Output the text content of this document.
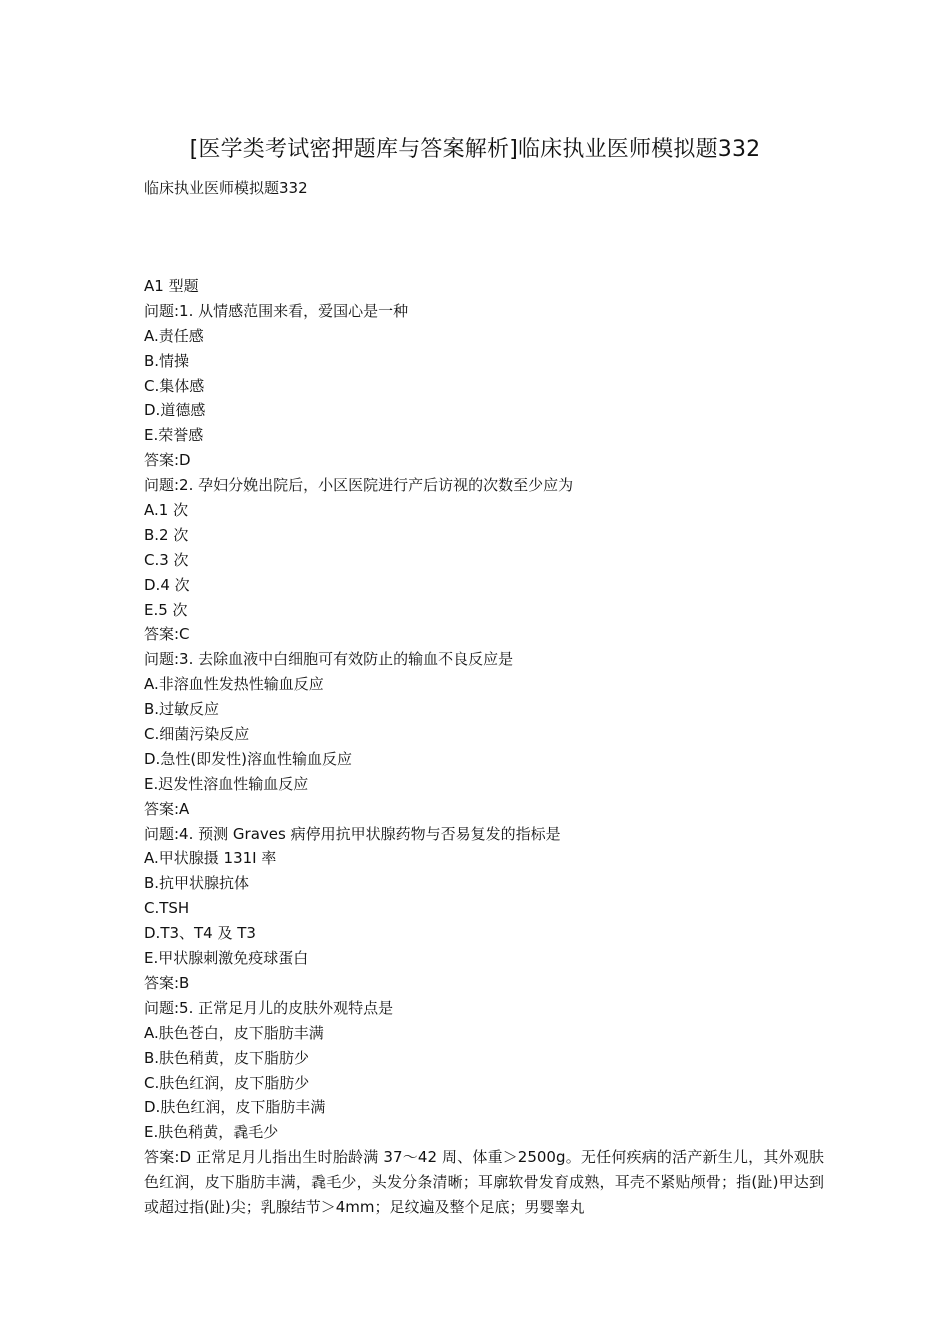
[医学类考试密押题库与答案解析]临床执业医师模拟题332
临床执业医师模拟题332
A1 型题
问题:1. 从情感范围来看，爱国心是一种
A.责任感
B.情操
C.集体感
D.道德感
E.荣誉感
答案:D
问题:2. 孕妇分娩出院后，小区医院进行产后访视的次数至少应为
A.1 次
B.2 次
C.3 次
D.4 次
E.5 次
答案:C
问题:3. 去除血液中白细胞可有效防止的输血不良反应是
A.非溶血性发热性输血反应
B.过敏反应
C.细菌污染反应
D.急性(即发性)溶血性输血反应
E.迟发性溶血性输血反应
答案:A
问题:4. 预测 Graves 病停用抗甲状腺药物与否易复发的指标是
A.甲状腺摄 131I 率
B.抗甲状腺抗体
C.TSH
D.T3、T4 及 T3
E.甲状腺刺激免疫球蛋白
答案:B
问题:5. 正常足月儿的皮肤外观特点是
A.肤色苍白，皮下脂肪丰满
B.肤色稍黄，皮下脂肪少
C.肤色红润，皮下脂肪少
D.肤色红润，皮下脂肪丰满
E.肤色稍黄，毳毛少
答案:D 正常足月儿指出生时胎龄满 37～42 周、体重＞2500g。无任何疾病的活产新生儿，其外观肤色红润，皮下脂肪丰满，毳毛少，头发分条清晰；耳廓软骨发育成熟，耳壳不紧贴颅骨；指(趾)甲达到或超过指(趾)尖；乳腺结节＞4mm；足纹遍及整个足底；男婴睾丸
